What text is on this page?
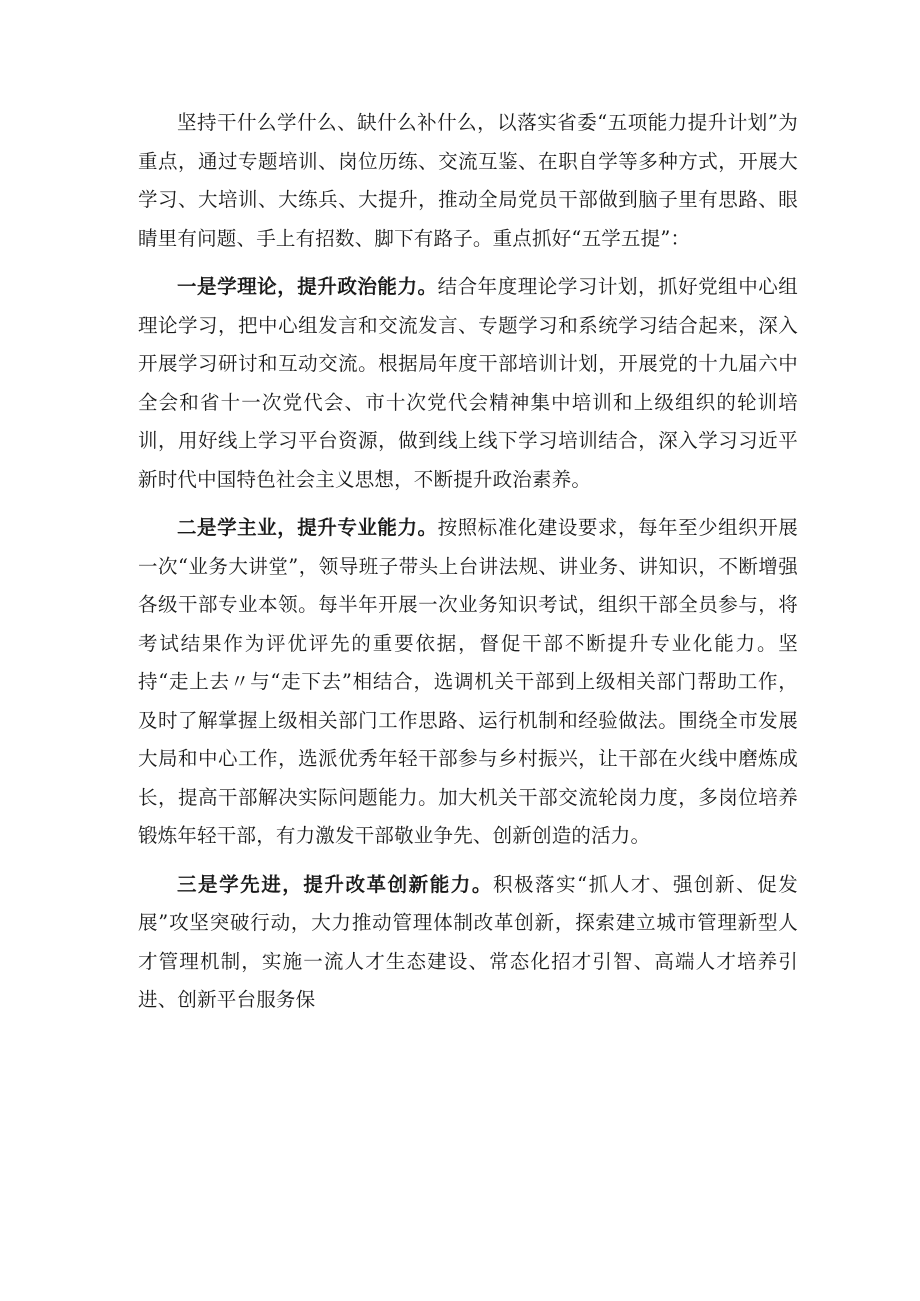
坚持干什么学什么、缺什么补什么，以落实省委“五项能力提升计划”为重点，通过专题培训、岗位历练、交流互鉴、在职自学等多种方式，开展大学习、大培训、大练兵、大提升，推动全局党员干部做到脑子里有思路、眼睛里有问题、手上有招数、脚下有路子。重点抓好“五学五提”：

一是学理论，提升政治能力。结合年度理论学习计划，抓好党组中心组理论学习，把中心组发言和交流发言、专题学习和系统学习结合起来，深入开展学习研讨和互动交流。根据局年度干部培训计划，开展党的十九届六中全会和省十一次党代会、市十次党代会精神集中培训和上级组织的轮训培训，用好线上学习平台资源，做到线上线下学习培训结合，深入学习习近平新时代中国特色社会主义思想，不断提升政治素养。

二是学主业，提升专业能力。按照标准化建设要求，每年至少组织开展一次“业务大讲堂”，领导班子带头上台讲法规、讲业务、讲知识，不断增强各级干部专业本领。每半年开展一次业务知识考试，组织干部全员参与，将考试结果作为评优评先的重要依据，督促干部不断提升专业化能力。坚持“走上去〃与“走下去”相结合，选调机关干部到上级相关部门帮助工作，及时了解掌握上级相关部门工作思路、运行机制和经验做法。围绕全市发展大局和中心工作，选派优秀年轻干部参与乡村振兴，让干部在火线中磨炼成长，提高干部解决实际问题能力。加大机关干部交流轮岗力度，多岗位培养锻炼年轻干部，有力激发干部敬业争先、创新创造的活力。

三是学先进，提升改革创新能力。积极落实“抓人才、强创新、促发展”攻坚突破行动，大力推动管理体制改革创新，探索建立城市管理新型人才管理机制，实施一流人才生态建设、常态化招才引智、高端人才培养引进、创新平台服务保
